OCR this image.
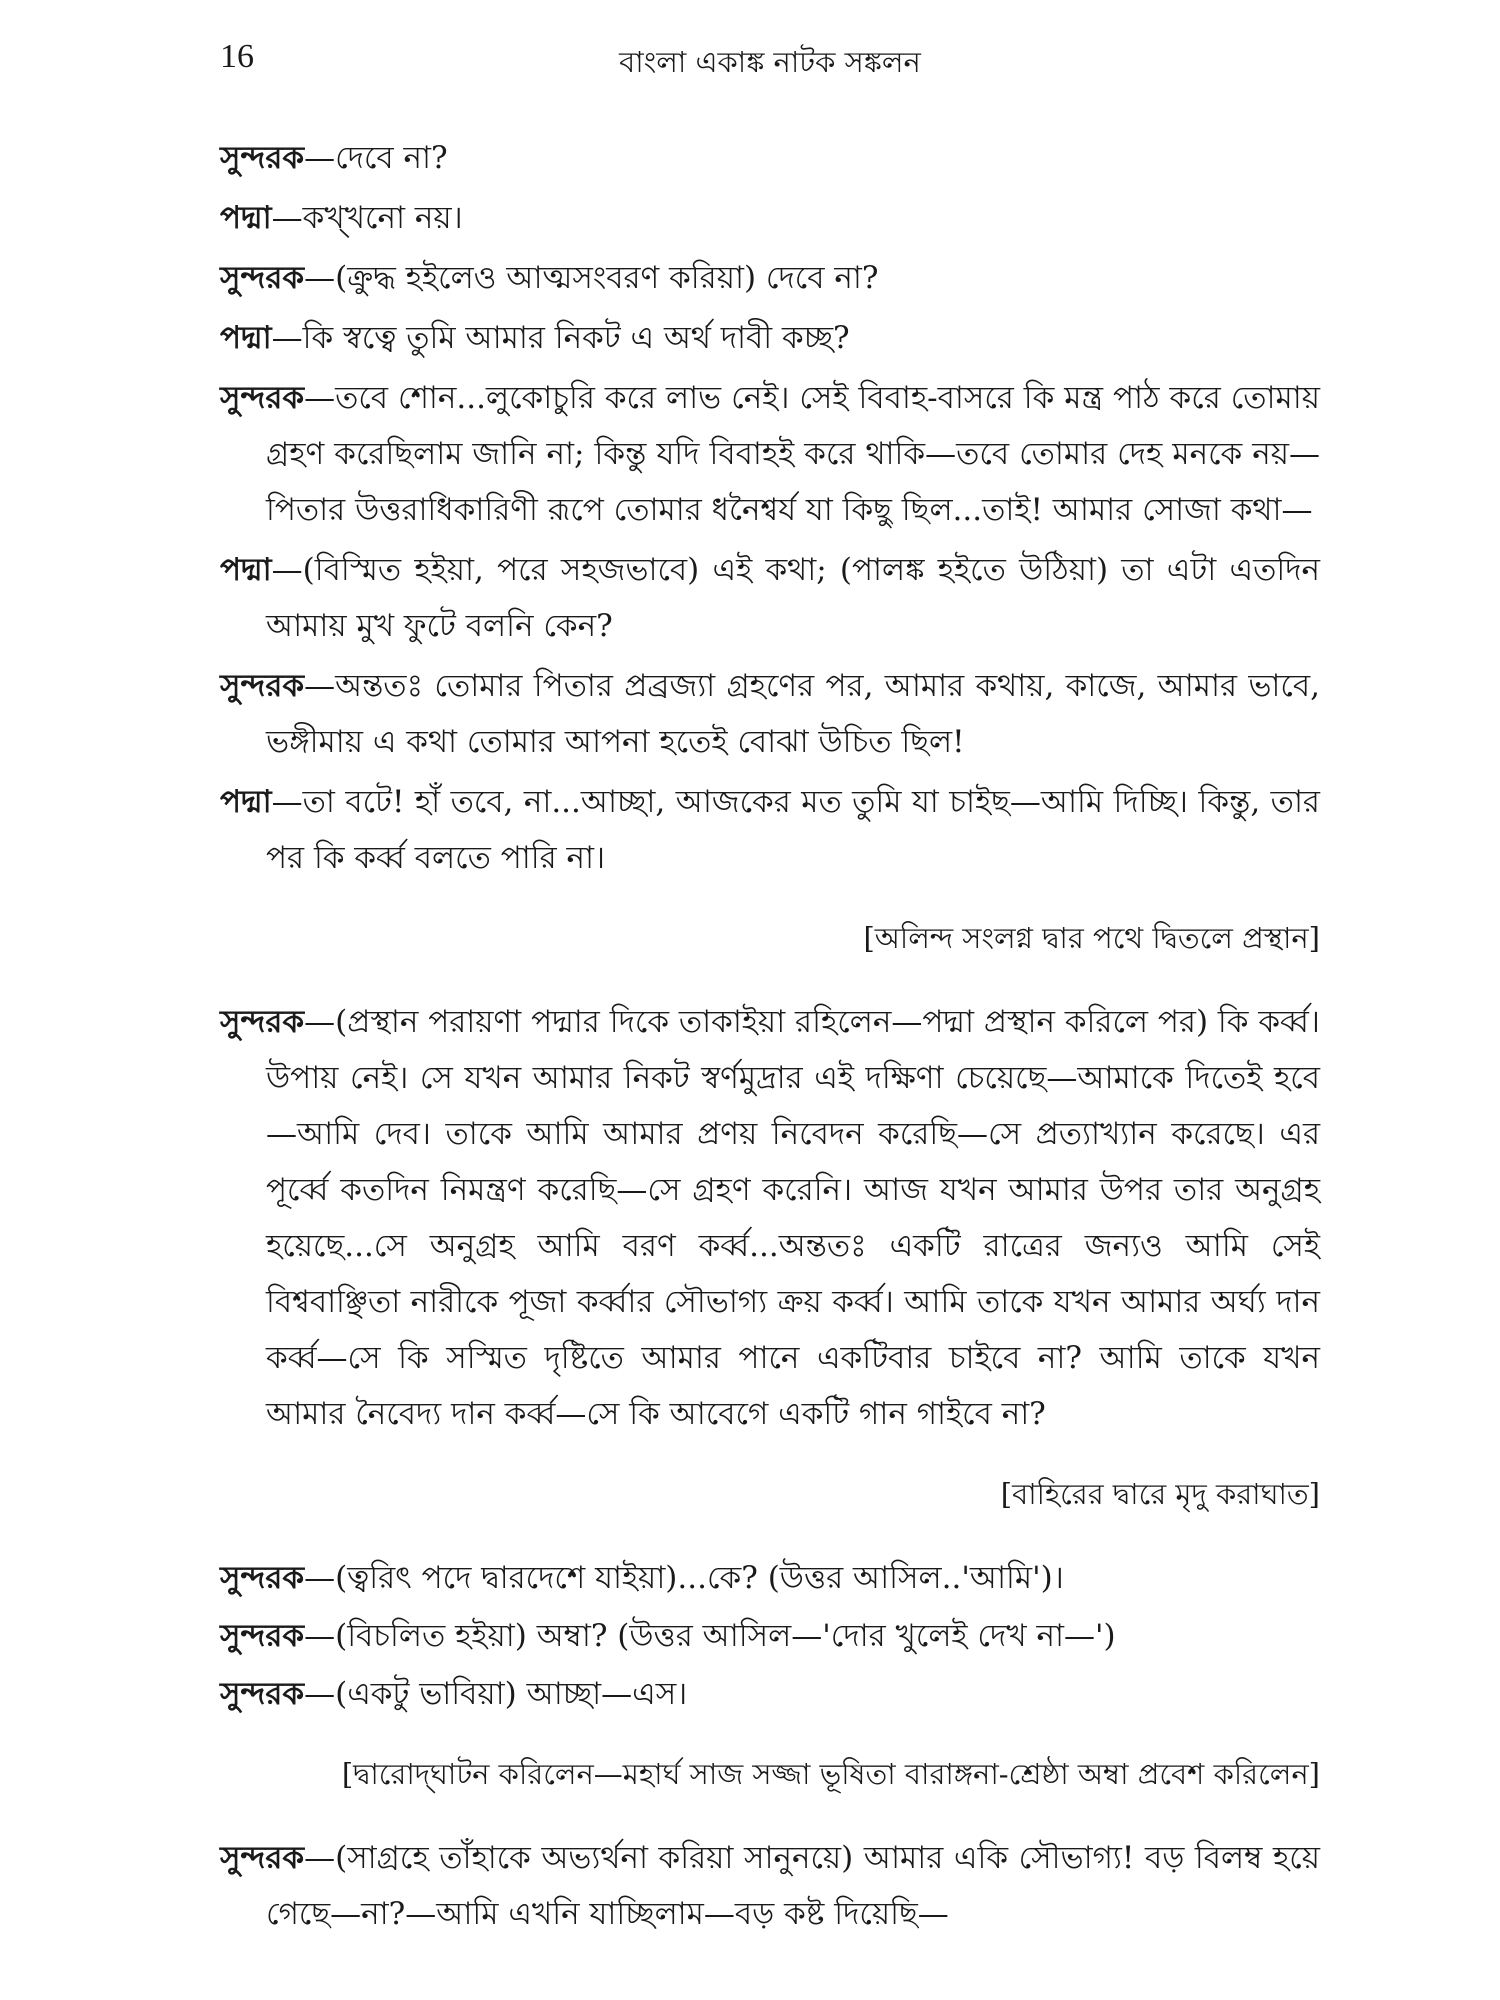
16	বাংলা একাঙ্ক নাটক সঙ্কলন

সুন্দরক—দেবে না?

পদ্মা—কখ্‌খনো নয়।

সুন্দরক—(ক্রুদ্ধ হইলেও আত্মসংবরণ করিয়া) দেবে না?

পদ্মা—কি স্বত্বে তুমি আমার নিকট এ অর্থ দাবী কচ্ছ?

সুন্দরক—তবে শোন...লুকোচুরি করে লাভ নেই। সেই বিবাহ-বাসরে কি মন্ত্র পাঠ করে তোমায় গ্রহণ করেছিলাম জানি না; কিন্তু যদি বিবাহই করে থাকি—তবে তোমার দেহ মনকে নয়—পিতার উত্তরাধিকারিণী রূপে তোমার ধনৈশ্বর্য যা কিছু ছিল...তাই! আমার সোজা কথা—

পদ্মা—(বিস্মিত হইয়া, পরে সহজভাবে) এই কথা; (পালঙ্ক হইতে উঠিয়া) তা এটা এতদিন আমায় মুখ ফুটে বলনি কেন?

সুন্দরক—অন্ততঃ তোমার পিতার প্রব্রজ্যা গ্রহণের পর, আমার কথায়, কাজে, আমার ভাবে, ভঙ্গীমায় এ কথা তোমার আপনা হতেই বোঝা উচিত ছিল!

পদ্মা—তা বটে! হাঁ তবে, না...আচ্ছা, আজকের মত তুমি যা চাইছ—আমি দিচ্ছি। কিন্তু, তার পর কি কৰ্ব্ব বলতে পারি না।

[অলিন্দ সংলগ্ন দ্বার পথে দ্বিতলে প্রস্থান]

সুন্দরক—(প্রস্থান পরায়ণা পদ্মার দিকে তাকাইয়া রহিলেন—পদ্মা প্রস্থান করিলে পর) কি কৰ্ব্ব। উপায় নেই। সে যখন আমার নিকট স্বর্ণমুদ্রার এই দক্ষিণা চেয়েছে—আমাকে দিতেই হবে—আমি দেব। তাকে আমি আমার প্রণয় নিবেদন করেছি—সে প্রত্যাখ্যান করেছে। এর পূৰ্ব্বে কতদিন নিমন্ত্রণ করেছি—সে গ্রহণ করেনি। আজ যখন আমার উপর তার অনুগ্রহ হয়েছে...সে অনুগ্রহ আমি বরণ কৰ্ব্ব...অন্ততঃ একটি রাত্রের জন্যও আমি সেই বিশ্ববাঞ্ছিতা নারীকে পূজা কৰ্ব্বার সৌভাগ্য ক্রয় কৰ্ব্ব। আমি তাকে যখন আমার অর্ঘ্য দান কৰ্ব্ব—সে কি সস্মিত দৃষ্টিতে আমার পানে একটিবার চাইবে না? আমি তাকে যখন আমার নৈবেদ্য দান কৰ্ব্ব—সে কি আবেগে একটি গান গাইবে না?

[বাহিরের দ্বারে মৃদু করাঘাত]

সুন্দরক—(ত্বরিৎ পদে দ্বারদেশে যাইয়া)...কে? (উত্তর আসিল..'আমি')।

সুন্দরক—(বিচলিত হইয়া) অম্বা? (উত্তর আসিল—'দোর খুলেই দেখ না—')

সুন্দরক—(একটু ভাবিয়া) আচ্ছা—এস।

[দ্বারোদ্‌ঘাটন করিলেন—মহার্ঘ সাজ সজ্জা ভূষিতা বারাঙ্গনা-শ্রেষ্ঠা অম্বা প্রবেশ করিলেন]

সুন্দরক—(সাগ্রহে তাঁহাকে অভ্যর্থনা করিয়া সানুনয়ে) আমার একি সৌভাগ্য! বড় বিলম্ব হয়ে গেছে—না?—আমি এখনি যাচ্ছিলাম—বড় কষ্ট দিয়েছি—
